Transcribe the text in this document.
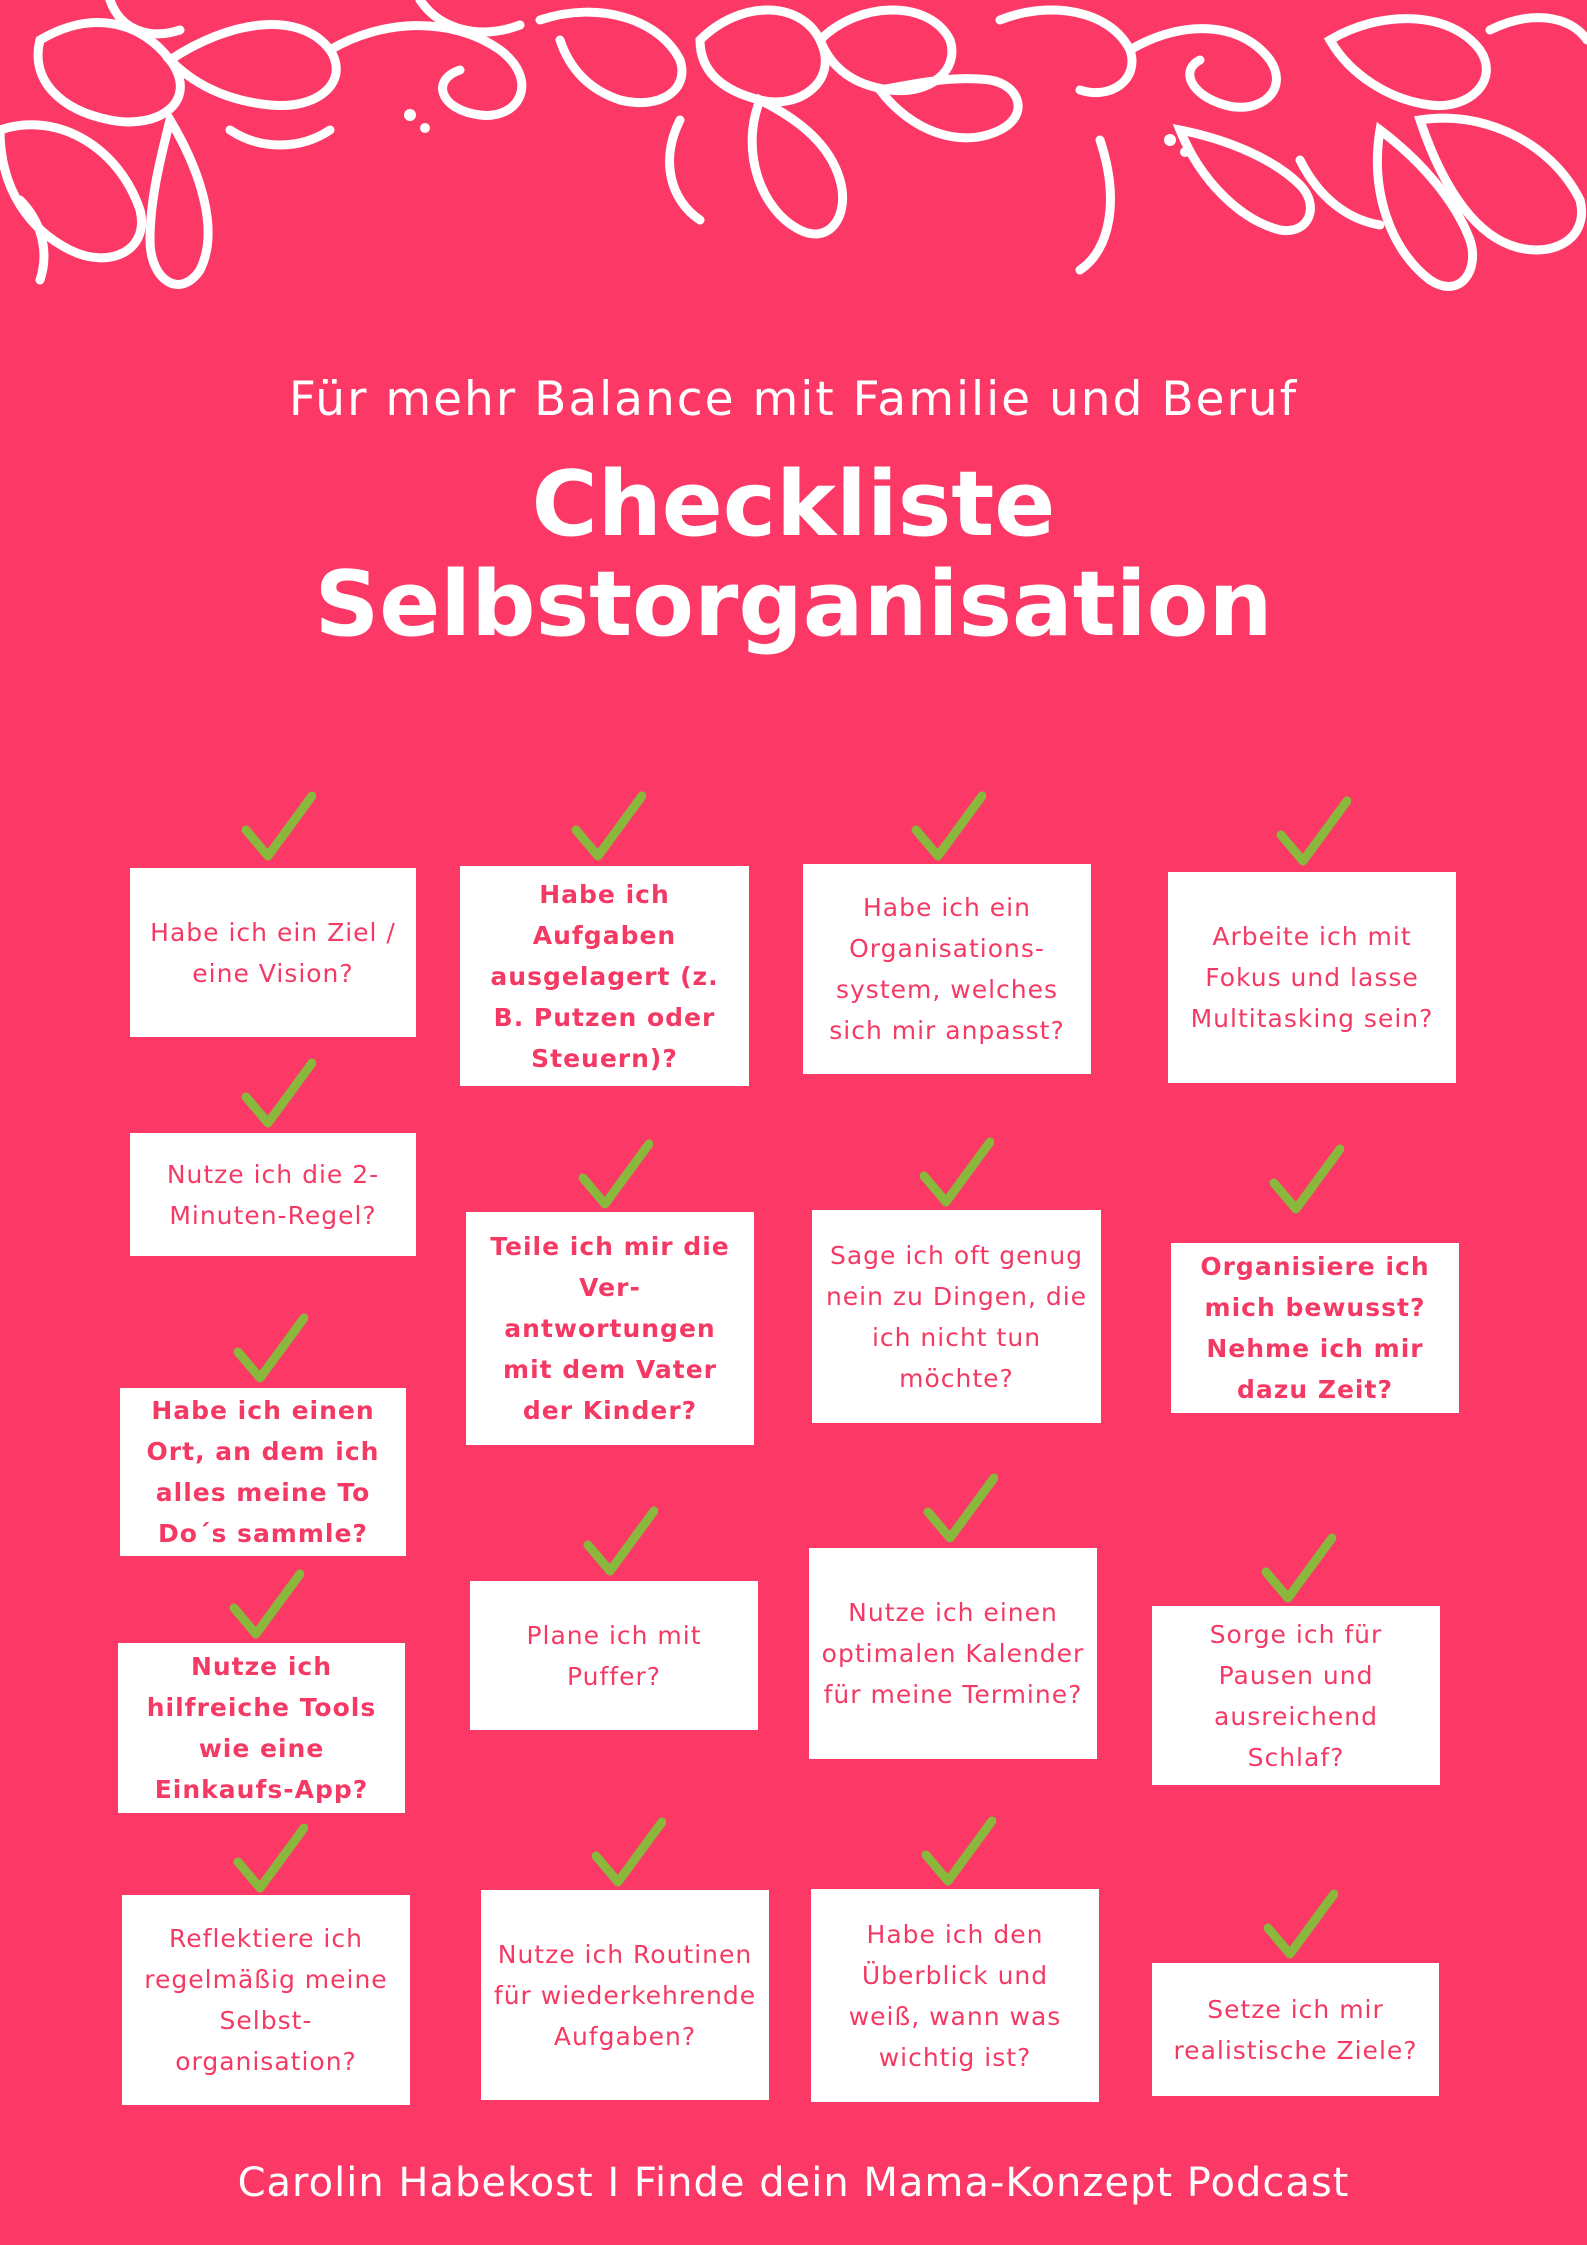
Für mehr Balance mit Familie und Beruf
Checkliste
Selbstorganisation
Habe ich ein Ziel / eine Vision?
Nutze ich die 2-Minuten-Regel?
Habe ich einen Ort, an dem ich alles meine To Do´s sammle?
Nutze ich hilfreiche Tools wie eine Einkaufs-App?
Reflektiere ich regelmäßig meine Selbst-organisation?
Habe ich Aufgaben ausgelagert (z. B. Putzen oder Steuern)?
Teile ich mir die Ver-antwortungen mit dem Vater der Kinder?
Plane ich mit Puffer?
Nutze ich Routinen für wiederkehrende Aufgaben?
Habe ich ein Organisations-system, welches sich mir anpasst?
Sage ich oft genug nein zu Dingen, die ich nicht tun möchte?
Nutze ich einen optimalen Kalender für meine Termine?
Habe ich den Überblick und weiß, wann was wichtig ist?
Arbeite ich mit Fokus und lasse Multitasking sein?
Organisiere ich mich bewusst? Nehme ich mir dazu Zeit?
Sorge ich für Pausen und ausreichend Schlaf?
Setze ich mir realistische Ziele?
Carolin Habekost I Finde dein Mama-Konzept Podcast
